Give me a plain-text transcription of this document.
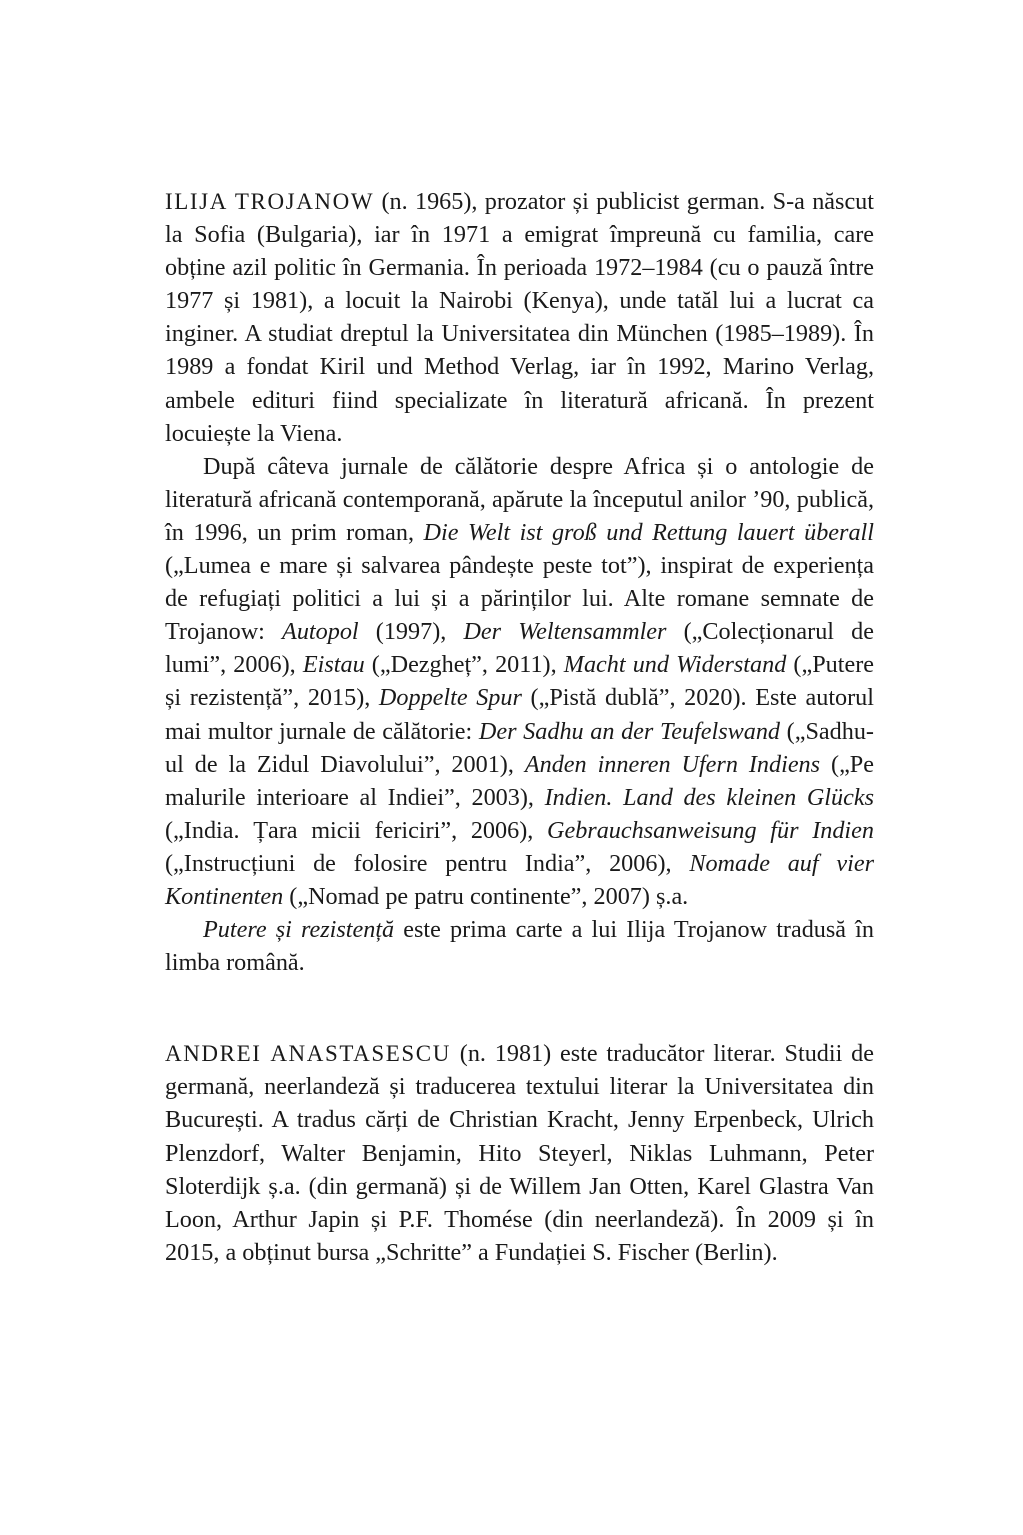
ILIJA TROJANOW (n. 1965), prozator și publicist german. S-a născut la Sofia (Bulgaria), iar în 1971 a emigrat împreună cu familia, care obține azil politic în Germania. În perioada 1972–1984 (cu o pauză între 1977 și 1981), a locuit la Nairobi (Kenya), unde tatăl lui a lucrat ca inginer. A studiat dreptul la Universitatea din München (1985–1989). În 1989 a fondat Kiril und Method Verlag, iar în 1992, Marino Verlag, ambele edituri fiind specializate în literatură africană. În prezent locuiește la Viena.

După câteva jurnale de călătorie despre Africa și o antologie de literatură africană contemporană, apărute la începutul anilor ’90, publică, în 1996, un prim roman, Die Welt ist groß und Rettung lauert überall („Lumea e mare și salvarea pândește peste tot”), inspirat de experiența de refugiați politici a lui și a părinților lui. Alte romane semnate de Trojanow: Autopol (1997), Der Weltensammler („Colecționarul de lumi”, 2006), Eistau („Dezgheț”, 2011), Macht und Widerstand („Putere și rezistență”, 2015), Doppelte Spur („Pistă dublă”, 2020). Este autorul mai multor jurnale de călătorie: Der Sadhu an der Teufelswand („Sadhu-ul de la Zidul Diavolului”, 2001), Anden inneren Ufern Indiens („Pe malurile interioare al Indiei”, 2003), Indien. Land des kleinen Glücks („India. Țara micii fericiri”, 2006), Gebrauchsanweisung für Indien („Instrucțiuni de folosire pentru India”, 2006), Nomade auf vier Kontinenten („Nomad pe patru continente”, 2007) ș.a.

Putere și rezistență este prima carte a lui Ilija Trojanow tradusă în limba română.

ANDREI ANASTASESCU (n. 1981) este traducător literar. Studii de germană, neerlandeză și traducerea textului literar la Universitatea din București. A tradus cărți de Christian Kracht, Jenny Erpenbeck, Ulrich Plenzdorf, Walter Benjamin, Hito Steyerl, Niklas Luhmann, Peter Sloterdijk ș.a. (din germană) și de Willem Jan Otten, Karel Glastra Van Loon, Arthur Japin și P.F. Thomése (din neerlandeză). În 2009 și în 2015, a obținut bursa „Schritte” a Fundației S. Fischer (Berlin).
